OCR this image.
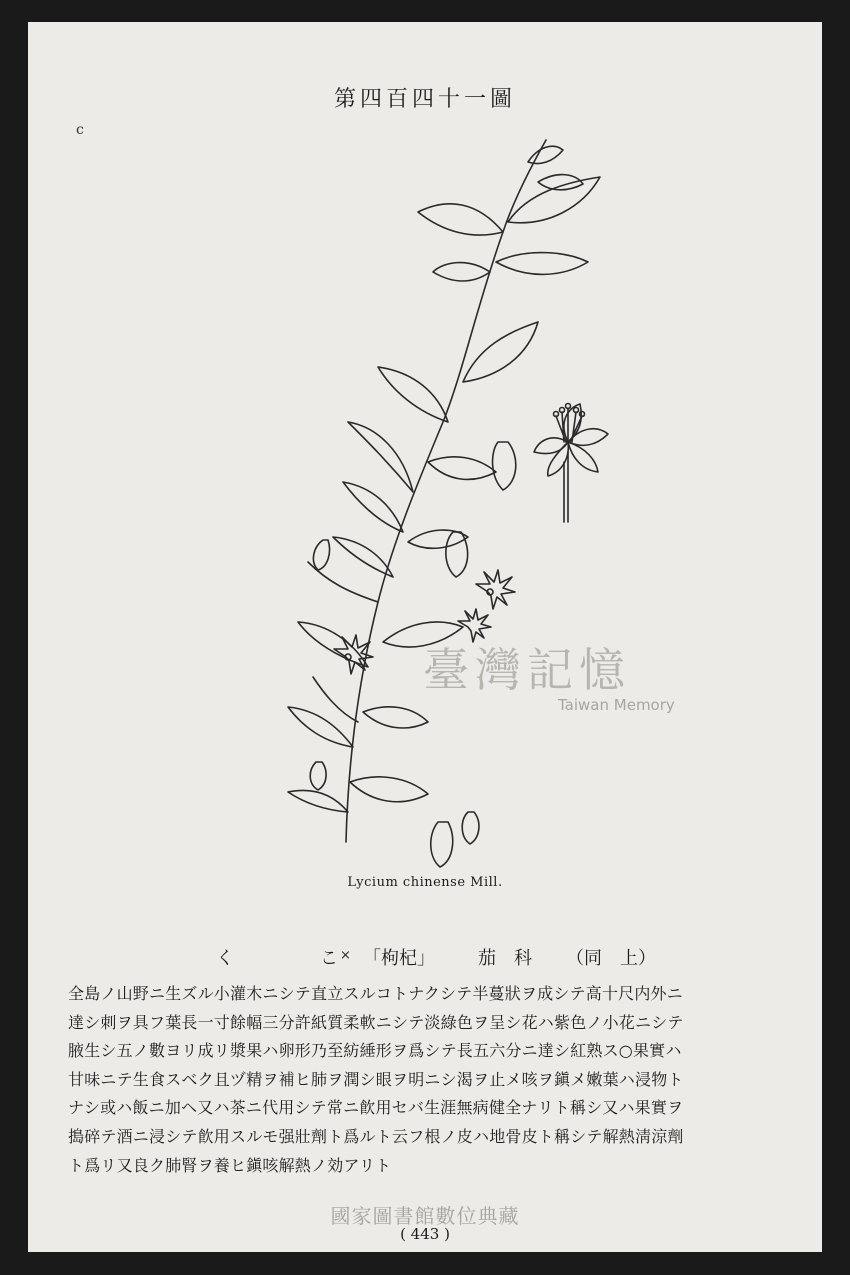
c
第四百四十一圖
Lycium chinense Mill.
臺灣記憶
Taiwan Memory
く	こ × 「枸杞」 茄　科 （同　上）
全島ノ山野ニ生ズル小灌木ニシテ直立スルコトナクシテ半蔓狀ヲ成シテ高十尺内外ニ
達シ刺ヲ具フ葉長一寸餘幅三分許紙質柔軟ニシテ淡綠色ヲ呈シ花ハ紫色ノ小花ニシテ
腋生シ五ノ數ヨリ成リ漿果ハ卵形乃至紡綞形ヲ爲シテ長五六分ニ達シ紅熟ス○果實ハ
甘味ニテ生食スベク且ヅ精ヲ補ヒ肺ヲ潤シ眼ヲ明ニシ渴ヲ止メ咳ヲ鎭メ嫩葉ハ浸物ト
ナシ或ハ飯ニ加ヘ又ハ茶ニ代用シテ常ニ飮用セバ生涯無病健全ナリト稱シ又ハ果實ヲ
搗碎テ酒ニ浸シテ飮用スルモ强壯劑ト爲ルト云フ根ノ皮ハ地骨皮ト稱シテ解熱淸涼劑
ト爲リ又良ク肺腎ヲ養ヒ鎭咳解熱ノ効アリト
國家圖書館數位典藏
( 443 )
